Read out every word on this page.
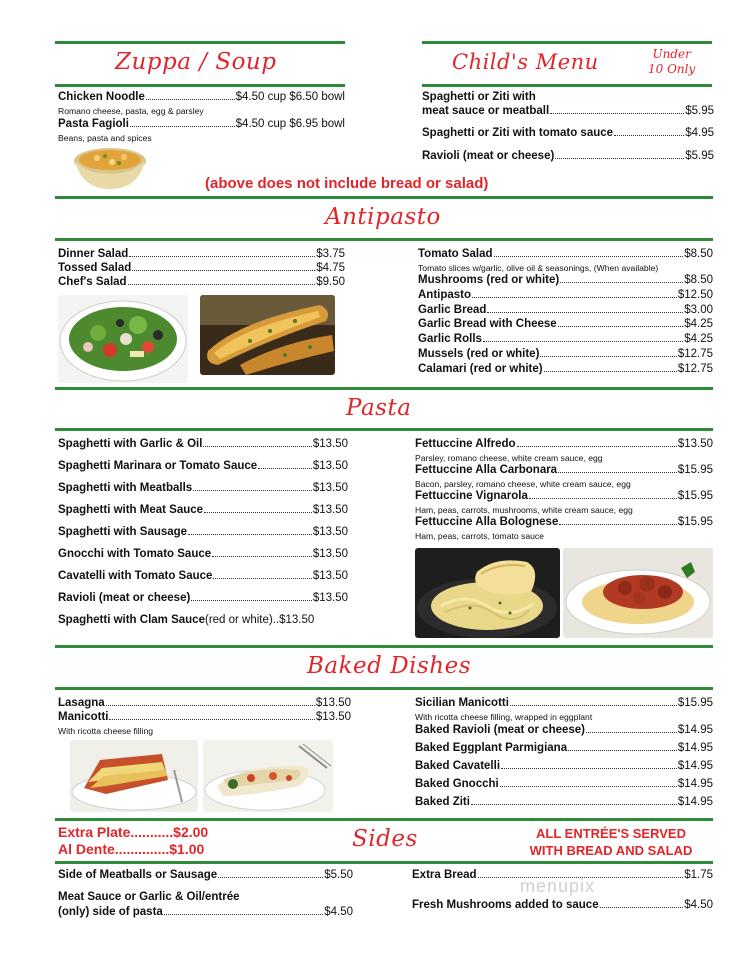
Zuppa / Soup
Chicken Noodle	$4.50 cup $6.50 bowl
Romano cheese, pasta, egg & parsley
Pasta Fagioli	$4.50 cup $6.95 bowl
Beans, pasta and spices
(above does not include bread or salad)
Child's Menu	Under
10 Only
Spaghetti or Ziti with
meat sauce or meatball	$5.95
Spaghetti or Ziti with tomato sauce	$4.95
Ravioli (meat or cheese)	$5.95
Antipasto
Dinner Salad	$3.75
Tossed Salad	$4.75
Chef's Salad	$9.50
Tomato Salad	$8.50
Tomato slices w/garlic, olive oil & seasonings, (When available)
Mushrooms (red or white)	$8.50
Antipasto	$12.50
Garlic Bread	$3.00
Garlic Bread with Cheese	$4.25
Garlic Rolls	$4.25
Mussels (red or white)	$12.75
Calamari (red or white)	$12.75
Pasta
Spaghetti with Garlic & Oil	$13.50
Spaghetti Marinara or Tomato Sauce	$13.50
Spaghetti with Meatballs	$13.50
Spaghetti with Meat Sauce	$13.50
Spaghetti with Sausage	$13.50
Gnocchi with Tomato Sauce	$13.50
Cavatelli with Tomato Sauce	$13.50
Ravioli (meat or cheese)	$13.50
Spaghetti with Clam Sauce (red or white).. $13.50
Fettuccine Alfredo	$13.50
Parsley, romano cheese, white cream sauce, egg
Fettuccine Alla Carbonara	$15.95
Bacon, parsley, romano cheese, white cream sauce, egg
Fettuccine Vignarola	$15.95
Ham, peas, carrots, mushrooms, white cream sauce, egg
Fettuccine Alla Bolognese	$15.95
Ham, peas, carrots, tomato sauce
Baked Dishes
Lasagna	$13.50
Manicotti	$13.50
With ricotta cheese filling
Sicilian Manicotti	$15.95
With ricotta cheese filling, wrapped in eggplant
Baked Ravioli (meat or cheese)	$14.95
Baked Eggplant Parmigiana	$14.95
Baked Cavatelli	$14.95
Baked Gnocchi	$14.95
Baked Ziti	$14.95
Extra Plate...........$2.00
Al Dente..............$1.00	Sides	ALL ENTRÉE'S SERVED
WITH BREAD AND SALAD
Side of Meatballs or Sausage	$5.50
Meat Sauce or Garlic & Oil/entrée
(only) side of pasta	$4.50
Extra Bread	$1.75
Fresh Mushrooms added to sauce	$4.50
menupix
